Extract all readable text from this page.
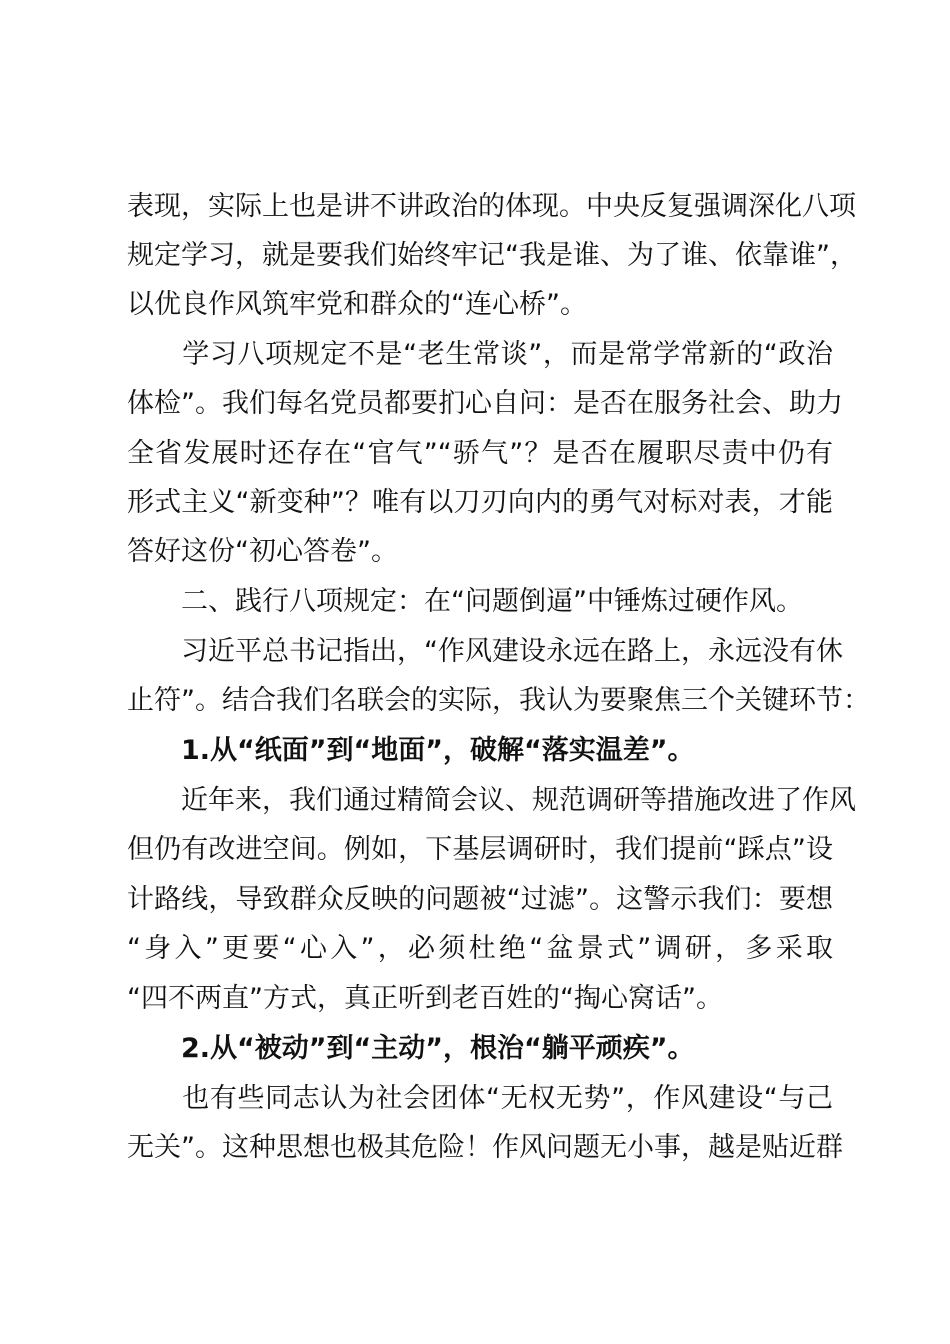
表现，实际上也是讲不讲政治的体现。中央反复强调深化八项
规定学习，就是要我们始终牢记“我是谁、为了谁、依靠谁”，
以优良作风筑牢党和群众的“连心桥”。
　　学习八项规定不是“老生常谈”，而是常学常新的“政治
体检”。我们每名党员都要扪心自问：是否在服务社会、助力
全省发展时还存在“官气”“骄气”？是否在履职尽责中仍有
形式主义“新变种”？唯有以刀刃向内的勇气对标对表，才能
答好这份“初心答卷”。
　　二、践行八项规定：在“问题倒逼”中锤炼过硬作风。
　　习近平总书记指出，“作风建设永远在路上，永远没有休
止符”。结合我们名联会的实际，我认为要聚焦三个关键环节：
　　1.从“纸面”到“地面”，破解“落实温差”。
　　近年来，我们通过精简会议、规范调研等措施改进了作风
但仍有改进空间。例如，下基层调研时，我们提前“踩点”设
计路线，导致群众反映的问题被“过滤”。这警示我们：要想
“身入”更要“心入”，必须杜绝“盆景式”调研，多采取
“四不两直”方式，真正听到老百姓的“掏心窝话”。
　　2.从“被动”到“主动”，根治“躺平顽疾”。
　　也有些同志认为社会团体“无权无势”，作风建设“与己
无关”。这种思想也极其危险！作风问题无小事，越是贴近群
